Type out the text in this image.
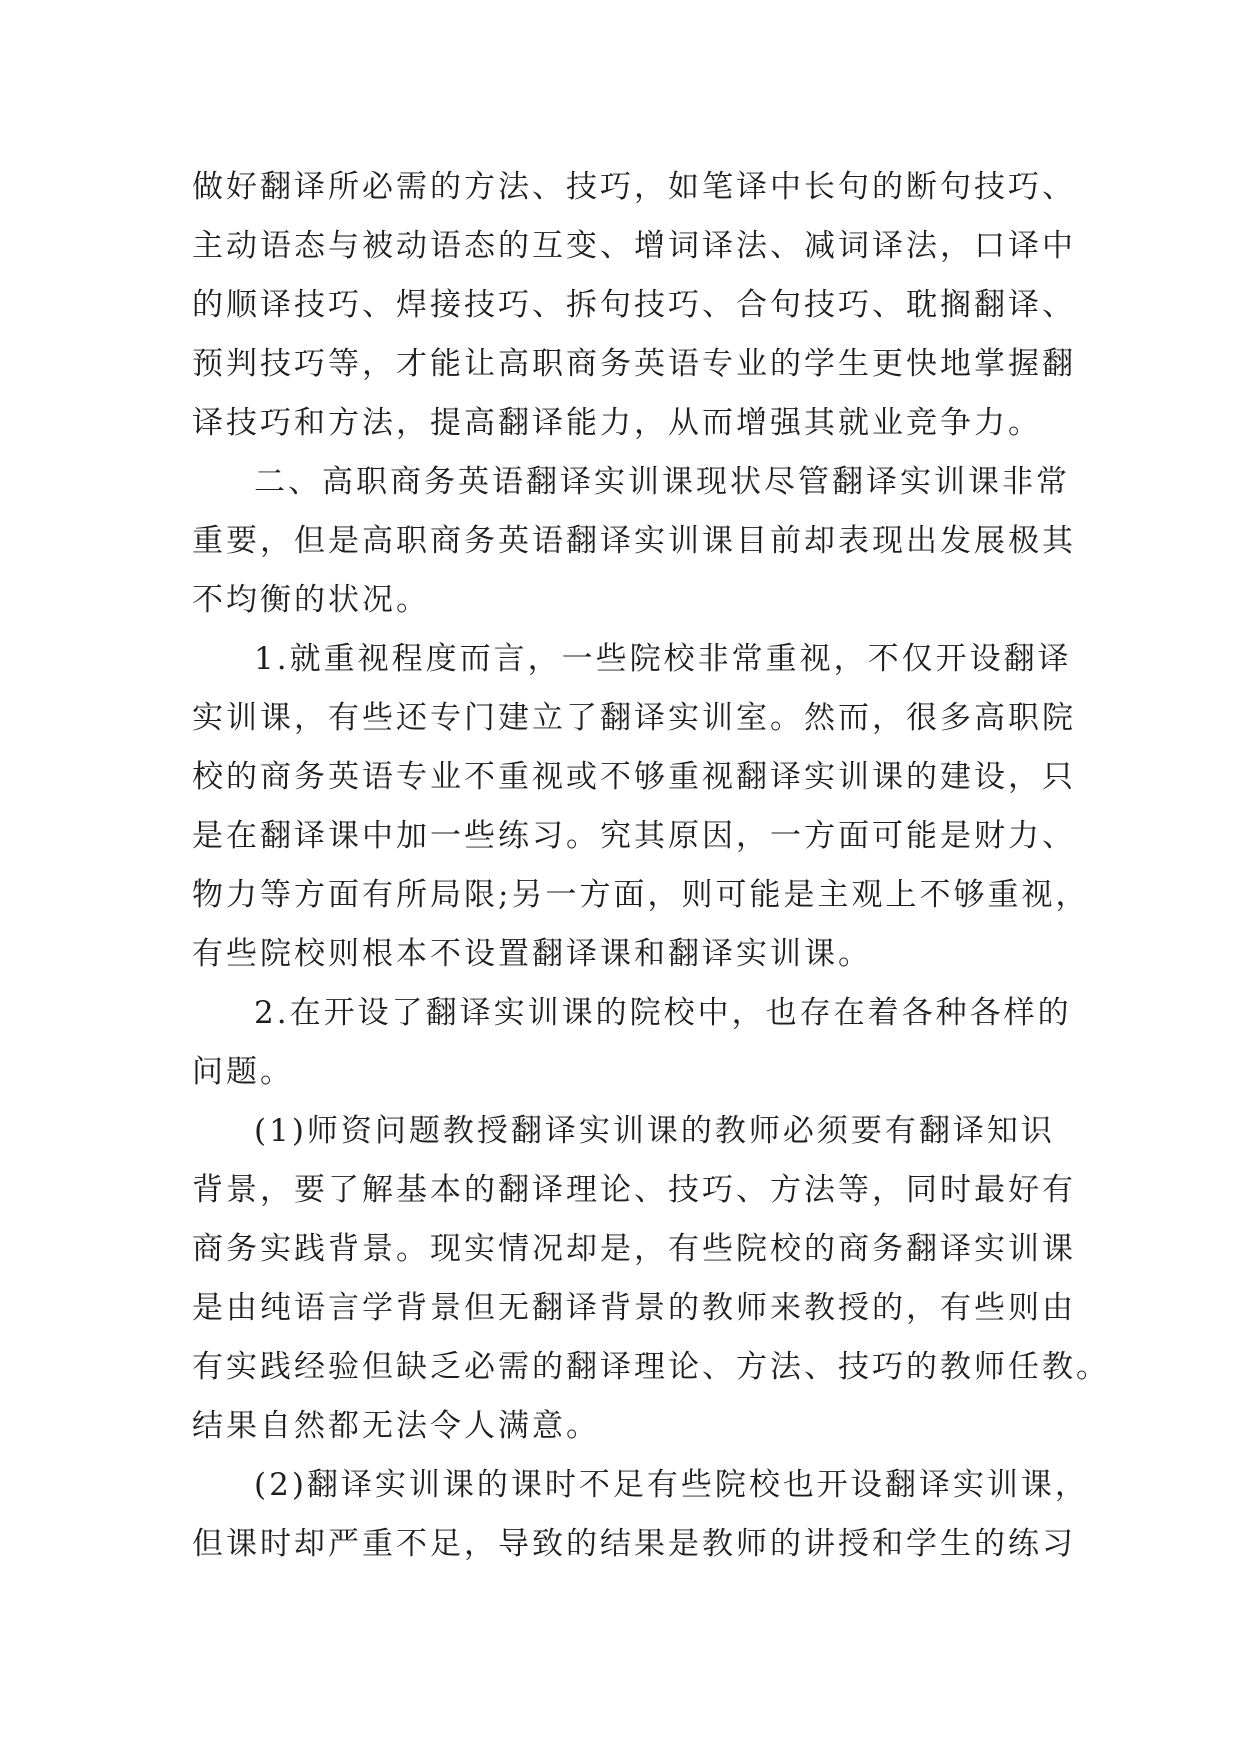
做好翻译所必需的方法、技巧，如笔译中长句的断句技巧、
主动语态与被动语态的互变、增词译法、减词译法，口译中
的顺译技巧、焊接技巧、拆句技巧、合句技巧、耽搁翻译、
预判技巧等，才能让高职商务英语专业的学生更快地掌握翻
译技巧和方法，提高翻译能力，从而增强其就业竞争力。
二、高职商务英语翻译实训课现状尽管翻译实训课非常
重要，但是高职商务英语翻译实训课目前却表现出发展极其
不均衡的状况。
1.就重视程度而言，一些院校非常重视，不仅开设翻译
实训课，有些还专门建立了翻译实训室。然而，很多高职院
校的商务英语专业不重视或不够重视翻译实训课的建设，只
是在翻译课中加一些练习。究其原因，一方面可能是财力、
物力等方面有所局限;另一方面，则可能是主观上不够重视，
有些院校则根本不设置翻译课和翻译实训课。
2.在开设了翻译实训课的院校中，也存在着各种各样的
问题。
(1)师资问题教授翻译实训课的教师必须要有翻译知识
背景，要了解基本的翻译理论、技巧、方法等，同时最好有
商务实践背景。现实情况却是，有些院校的商务翻译实训课
是由纯语言学背景但无翻译背景的教师来教授的，有些则由
有实践经验但缺乏必需的翻译理论、方法、技巧的教师任教。
结果自然都无法令人满意。
(2)翻译实训课的课时不足有些院校也开设翻译实训课，
但课时却严重不足，导致的结果是教师的讲授和学生的练习
